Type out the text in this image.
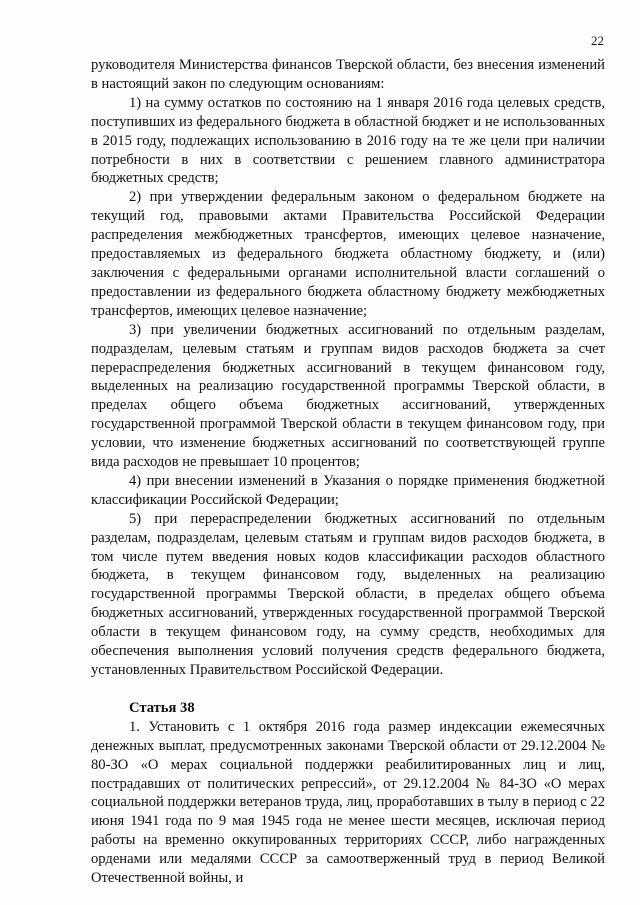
22

руководителя Министерства финансов Тверской области, без внесения изменений в настоящий закон по следующим основаниям:

1) на сумму остатков по состоянию на 1 января 2016 года целевых средств, поступивших из федерального бюджета в областной бюджет и не использованных в 2015 году, подлежащих использованию в 2016 году на те же цели при наличии потребности в них в соответствии с решением главного администратора бюджетных средств;

2) при утверждении федеральным законом о федеральном бюджете на текущий год, правовыми актами Правительства Российской Федерации распределения межбюджетных трансфертов, имеющих целевое назначение, предоставляемых из федерального бюджета областному бюджету, и (или) заключения с федеральными органами исполнительной власти соглашений о предоставлении из федерального бюджета областному бюджету межбюджетных трансфертов, имеющих целевое назначение;

3) при увеличении бюджетных ассигнований по отдельным разделам, подразделам, целевым статьям и группам видов расходов бюджета за счет перераспределения бюджетных ассигнований в текущем финансовом году, выделенных на реализацию государственной программы Тверской области, в пределах общего объема бюджетных ассигнований, утвержденных государственной программой Тверской области в текущем финансовом году, при условии, что изменение бюджетных ассигнований по соответствующей группе вида расходов не превышает 10 процентов;

4) при внесении изменений в Указания о порядке применения бюджетной классификации Российской Федерации;

5) при перераспределении бюджетных ассигнований по отдельным разделам, подразделам, целевым статьям и группам видов расходов бюджета, в том числе путем введения новых кодов классификации расходов областного бюджета, в текущем финансовом году, выделенных на реализацию государственной программы Тверской области, в пределах общего объема бюджетных ассигнований, утвержденных государственной программой Тверской области в текущем финансовом году, на сумму средств, необходимых для обеспечения выполнения условий получения средств федерального бюджета, установленных Правительством Российской Федерации.

Статья 38

1. Установить с 1 октября 2016 года размер индексации ежемесячных денежных выплат, предусмотренных законами Тверской области от 29.12.2004 № 80-ЗО «О мерах социальной поддержки реабилитированных лиц и лиц, пострадавших от политических репрессий», от 29.12.2004 № 84-ЗО «О мерах социальной поддержки ветеранов труда, лиц, проработавших в тылу в период с 22 июня 1941 года по 9 мая 1945 года не менее шести месяцев, исключая период работы на временно оккупированных территориях СССР, либо награжденных орденами или медалями СССР за самоотверженный труд в период Великой Отечественной войны, и
